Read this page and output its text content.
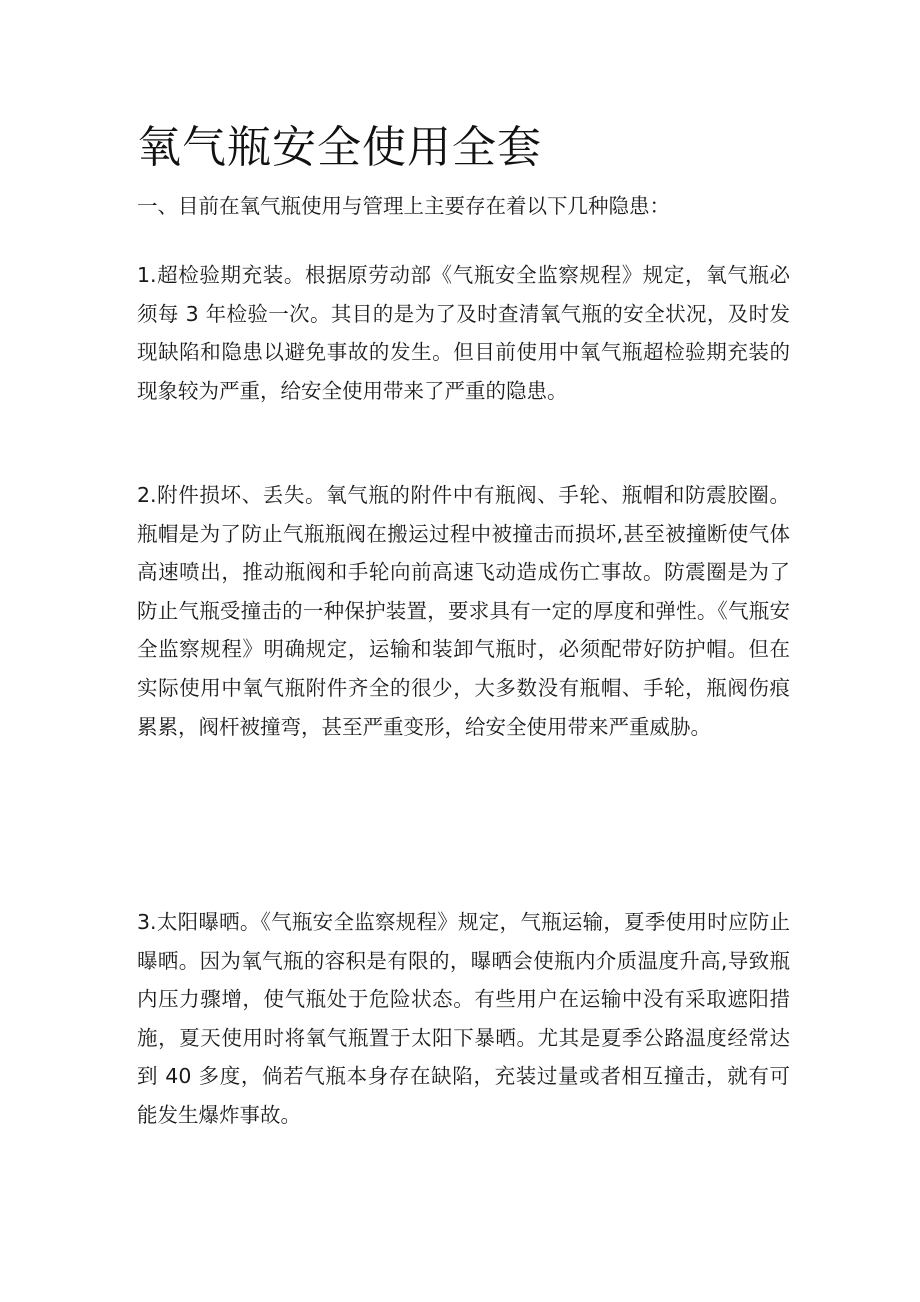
氧气瓶安全使用全套

一、目前在氧气瓶使用与管理上主要存在着以下几种隐患：

1.超检验期充装。根据原劳动部《气瓶安全监察规程》规定，氧气瓶必须每 3 年检验一次。其目的是为了及时查清氧气瓶的安全状况，及时发现缺陷和隐患以避免事故的发生。但目前使用中氧气瓶超检验期充装的现象较为严重，给安全使用带来了严重的隐患。

2.附件损坏、丢失。氧气瓶的附件中有瓶阀、手轮、瓶帽和防震胶圈。瓶帽是为了防止气瓶瓶阀在搬运过程中被撞击而损坏,甚至被撞断使气体高速喷出，推动瓶阀和手轮向前高速飞动造成伤亡事故。防震圈是为了防止气瓶受撞击的一种保护装置，要求具有一定的厚度和弹性。《气瓶安全监察规程》明确规定，运输和装卸气瓶时，必须配带好防护帽。但在实际使用中氧气瓶附件齐全的很少，大多数没有瓶帽、手轮，瓶阀伤痕累累，阀杆被撞弯，甚至严重变形，给安全使用带来严重威胁。

3.太阳曝晒。《气瓶安全监察规程》规定，气瓶运输，夏季使用时应防止曝晒。因为氧气瓶的容积是有限的，曝晒会使瓶内介质温度升高,导致瓶内压力骤增，使气瓶处于危险状态。有些用户在运输中没有采取遮阳措施，夏天使用时将氧气瓶置于太阳下暴晒。尤其是夏季公路温度经常达到 40 多度，倘若气瓶本身存在缺陷，充装过量或者相互撞击，就有可能发生爆炸事故。
